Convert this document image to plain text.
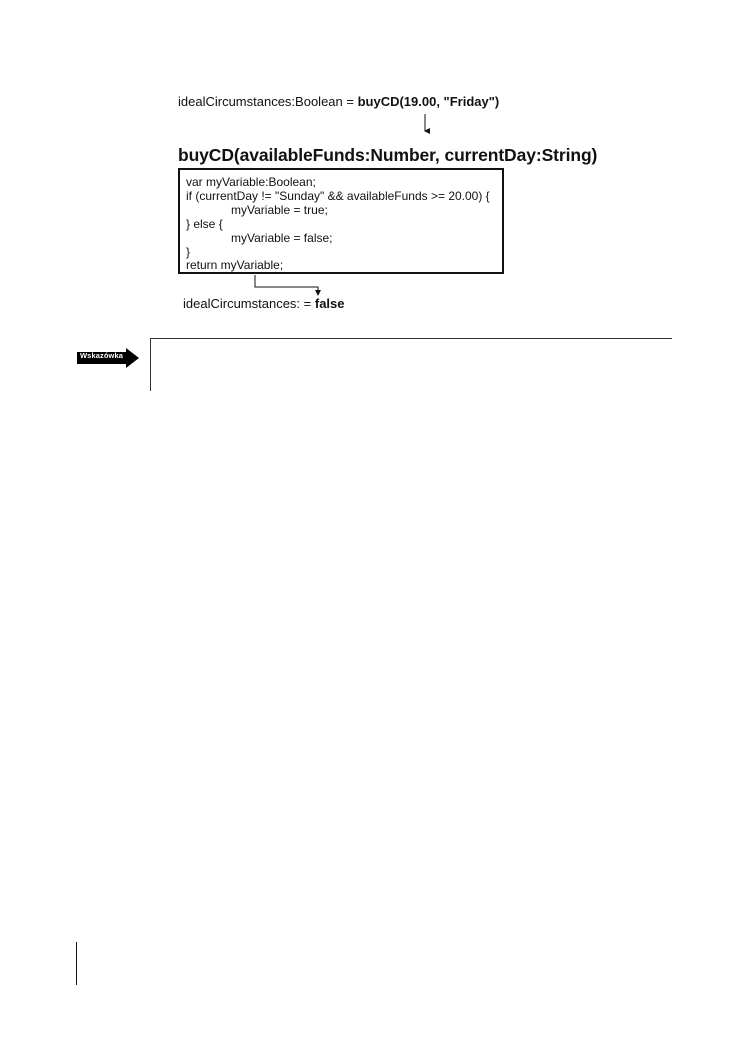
idealCircumstances:Boolean = buyCD(19.00, "Friday")
buyCD(availableFunds:Number, currentDay:String)
var myVariable:Boolean;
if (currentDay != "Sunday" && availableFunds >= 20.00) {
myVariable = true;
} else {
myVariable = false;
}
return myVariable;
idealCircumstances: = false
Wskazówka
